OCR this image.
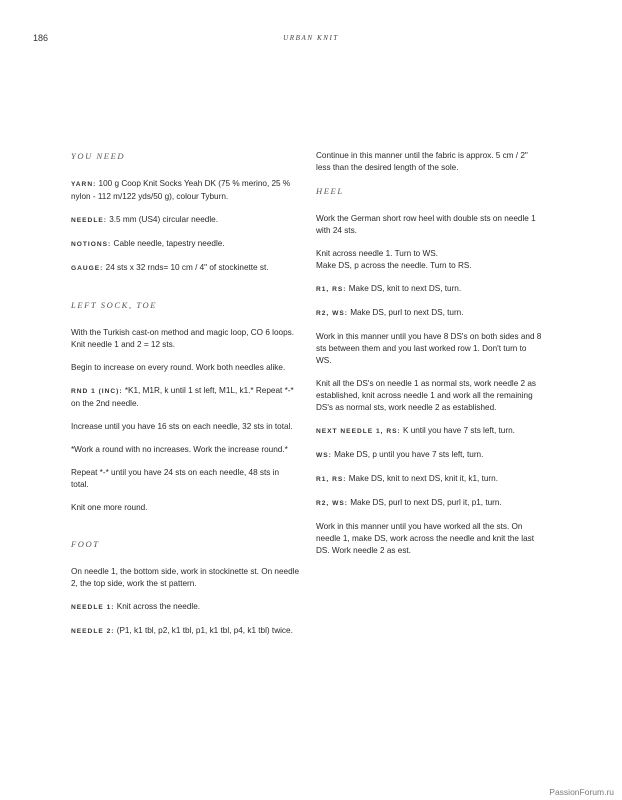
186	URBAN KNIT
YOU NEED

YARN: 100 g Coop Knit Socks Yeah DK (75 % merino, 25 % nylon - 112 m/122 yds/50 g), colour Tyburn.

NEEDLE: 3.5 mm (US4) circular needle.

NOTIONS: Cable needle, tapestry needle.

GAUGE: 24 sts x 32 rnds= 10 cm / 4" of stockinette st.

LEFT SOCK, TOE

With the Turkish cast-on method and magic loop, CO 6 loops. Knit needle 1 and 2 = 12 sts.

Begin to increase on every round. Work both needles alike.

RND 1 (INC): *K1, M1R, k until 1 st left, M1L, k1.* Repeat *-* on the 2nd needle.

Increase until you have 16 sts on each needle, 32 sts in total.

*Work a round with no increases. Work the increase round.*

Repeat *-* until you have 24 sts on each needle, 48 sts in total.

Knit one more round.

FOOT

On needle 1, the bottom side, work in stockinette st. On needle 2, the top side, work the st pattern.

NEEDLE 1: Knit across the needle.

NEEDLE 2: (P1, k1 tbl, p2, k1 tbl, p1, k1 tbl, p4, k1 tbl) twice.

Continue in this manner until the fabric is approx. 5 cm / 2" less than the desired length of the sole.

HEEL

Work the German short row heel with double sts on needle 1 with 24 sts.

Knit across needle 1. Turn to WS.
Make DS, p across the needle. Turn to RS.

R1, RS: Make DS, knit to next DS, turn.

R2, WS: Make DS, purl to next DS, turn.

Work in this manner until you have 8 DS's on both sides and 8 sts between them and you last worked row 1. Don't turn to WS.

Knit all the DS's on needle 1 as normal sts, work needle 2 as established, knit across needle 1 and work all the remaining DS's as normal sts, work needle 2 as established.

NEXT NEEDLE 1, RS: K until you have 7 sts left, turn.

WS: Make DS, p until you have 7 sts left, turn.

R1, RS: Make DS, knit to next DS, knit it, k1, turn.

R2, WS: Make DS, purl to next DS, purl it, p1, turn.

Work in this manner until you have worked all the sts. On needle 1, make DS, work across the needle and knit the last DS. Work needle 2 as est.

PassionForum.ru
